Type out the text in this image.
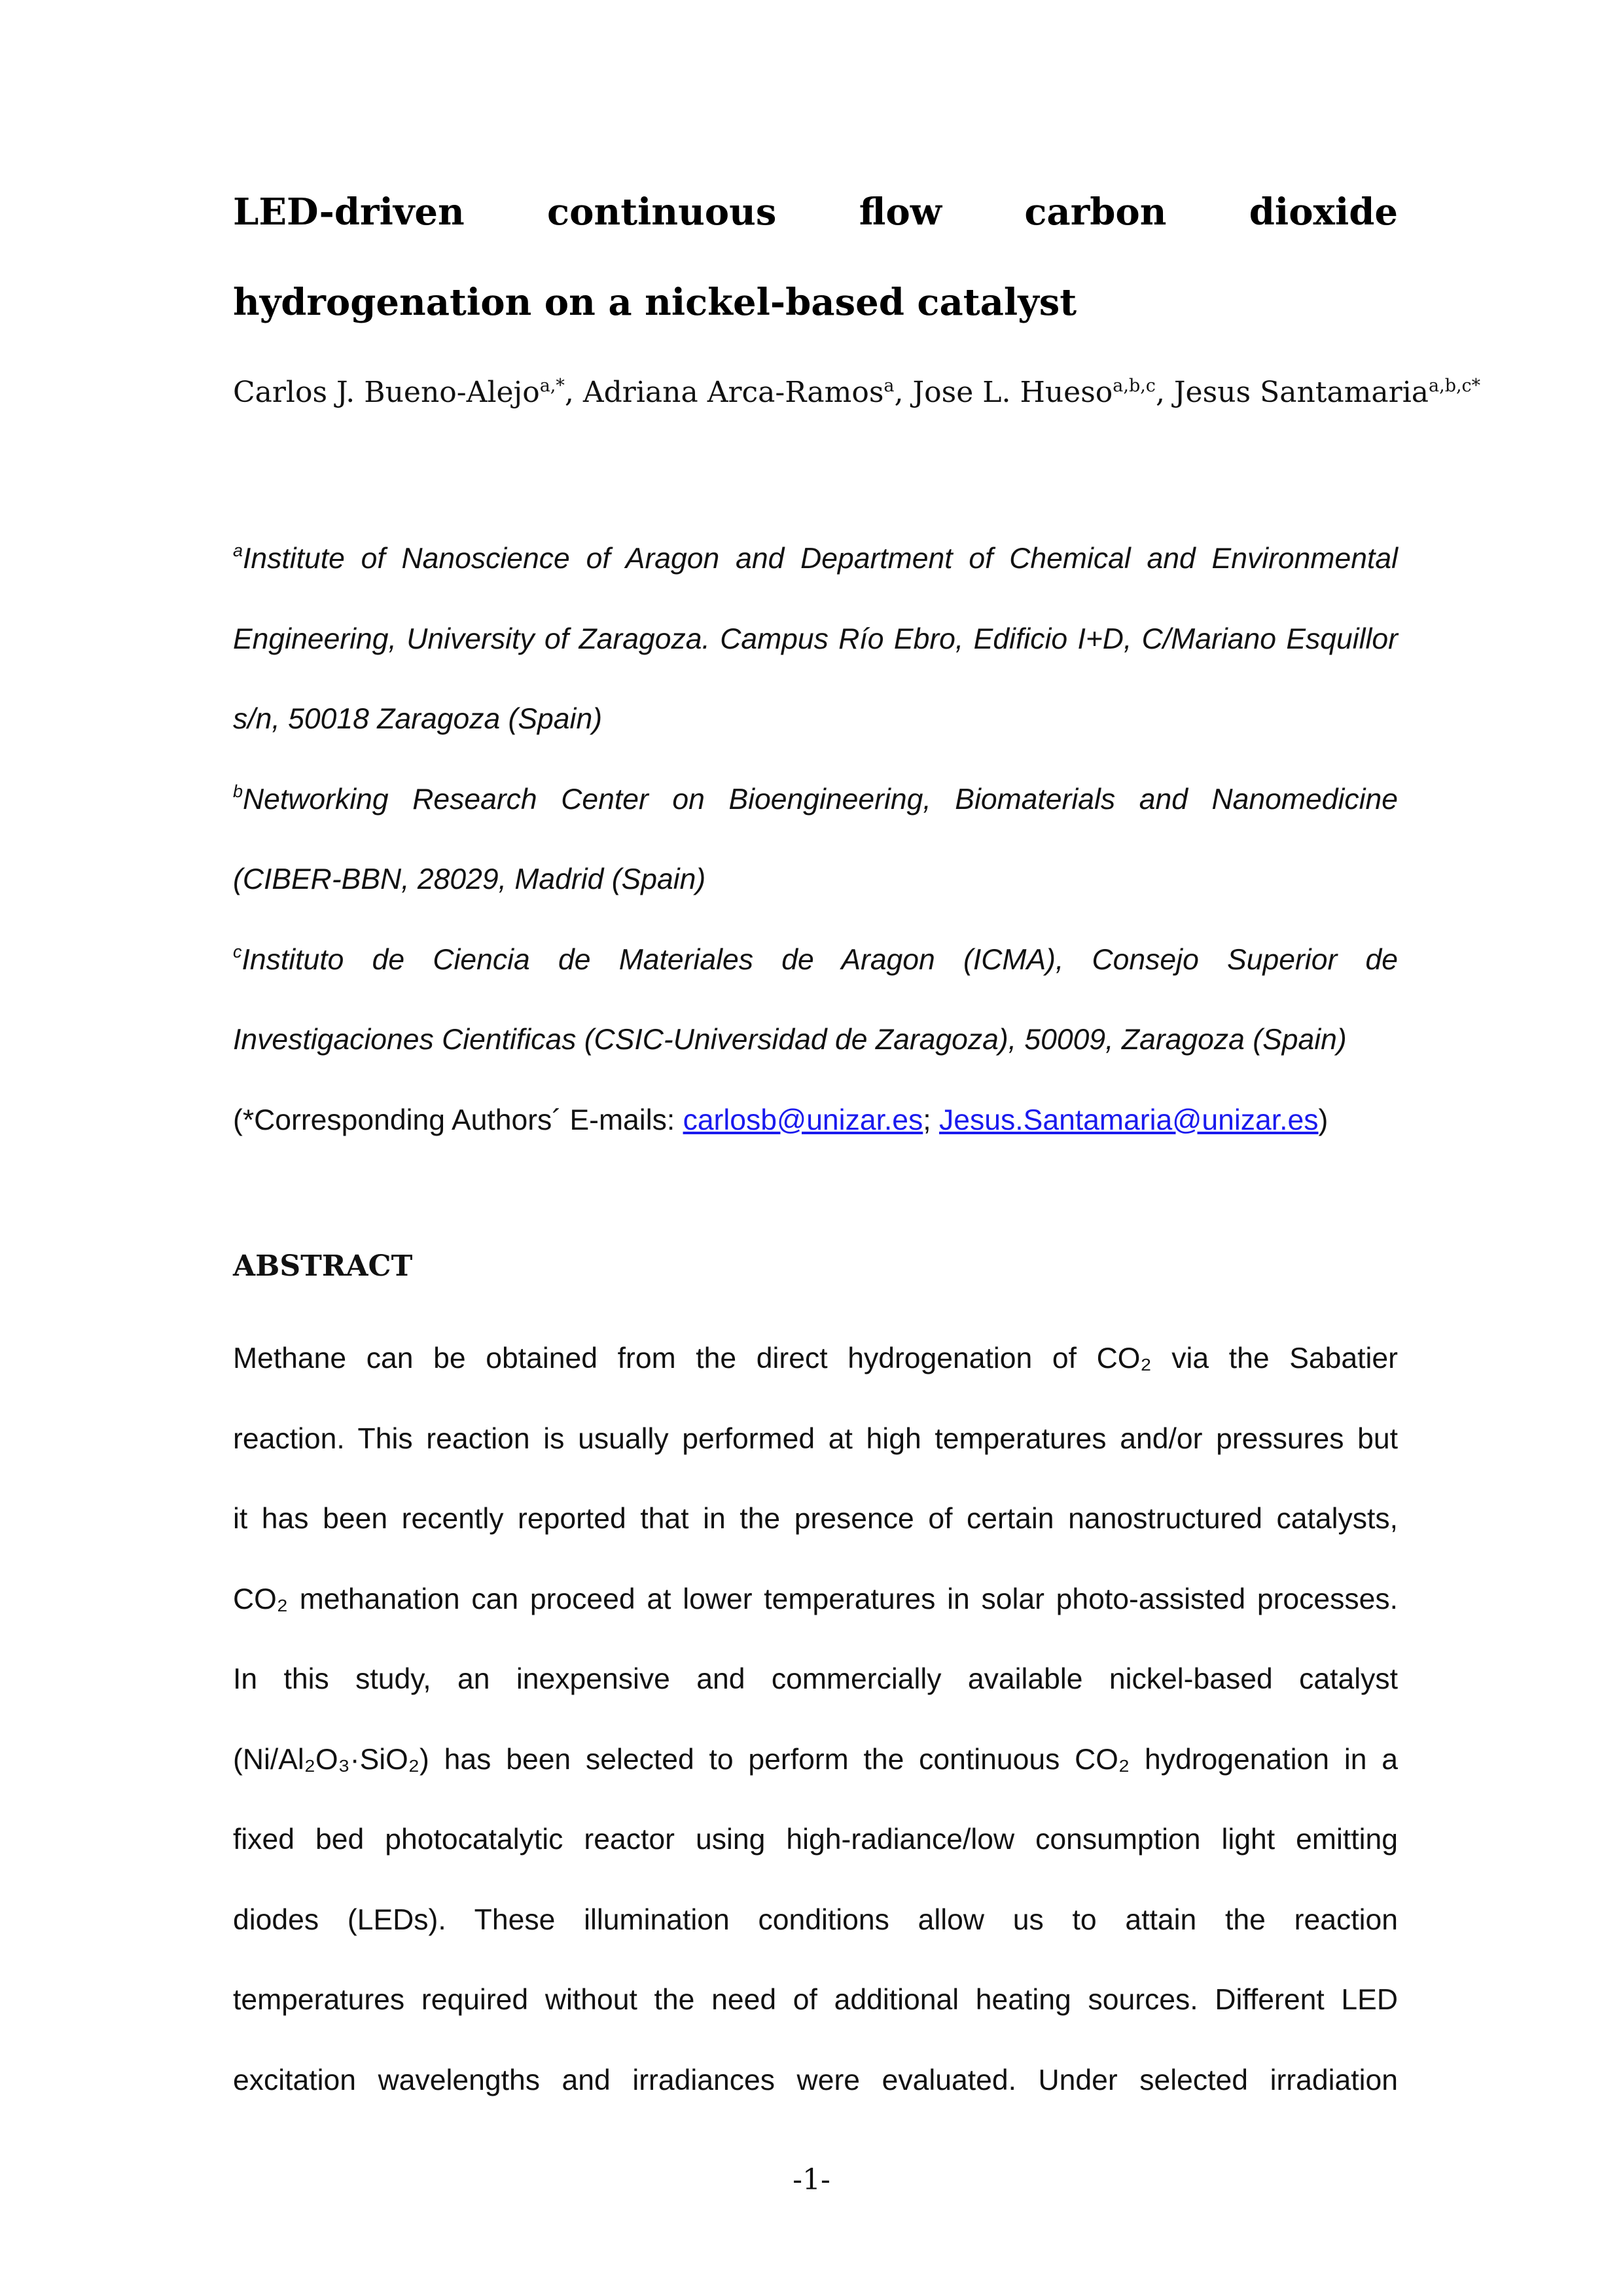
LED-driven continuous flow carbon dioxide hydrogenation on a nickel-based catalyst
Carlos J. Bueno-Alejo$^{a,*}$, Adriana Arca-Ramos$^a$, Jose L. Hueso$^{a,b,c}$, Jesus Santamaria$^{a,b,c*}$

$^a$Institute of Nanoscience of Aragon and Department of Chemical and Environmental Engineering, University of Zaragoza. Campus Río Ebro, Edificio I+D, C/Mariano Esquillor s/n, 50018 Zaragoza (Spain)

$^b$Networking Research Center on Bioengineering, Biomaterials and Nanomedicine (CIBER-BBN, 28029, Madrid (Spain)

$^c$Instituto de Ciencia de Materiales de Aragon (ICMA), Consejo Superior de Investigaciones Cientificas (CSIC-Universidad de Zaragoza), 50009, Zaragoza (Spain)

(*Corresponding Authors´ E-mails: carlosb@unizar.es; Jesus.Santamaria@unizar.es)

ABSTRACT

Methane can be obtained from the direct hydrogenation of CO₂ via the Sabatier

reaction. This reaction is usually performed at high temperatures and/or pressures but

it has been recently reported that in the presence of certain nanostructured catalysts,

CO₂ methanation can proceed at lower temperatures in solar photo-assisted processes.

In this study, an inexpensive and commercially available nickel-based catalyst

(Ni/Al₂O₃·SiO₂) has been selected to perform the continuous CO₂ hydrogenation in a

fixed bed photocatalytic reactor using high-radiance/low consumption light emitting

diodes (LEDs). These illumination conditions allow us to attain the reaction

temperatures required without the need of additional heating sources. Different LED

excitation wavelengths and irradiances were evaluated. Under selected irradiation

-1-
